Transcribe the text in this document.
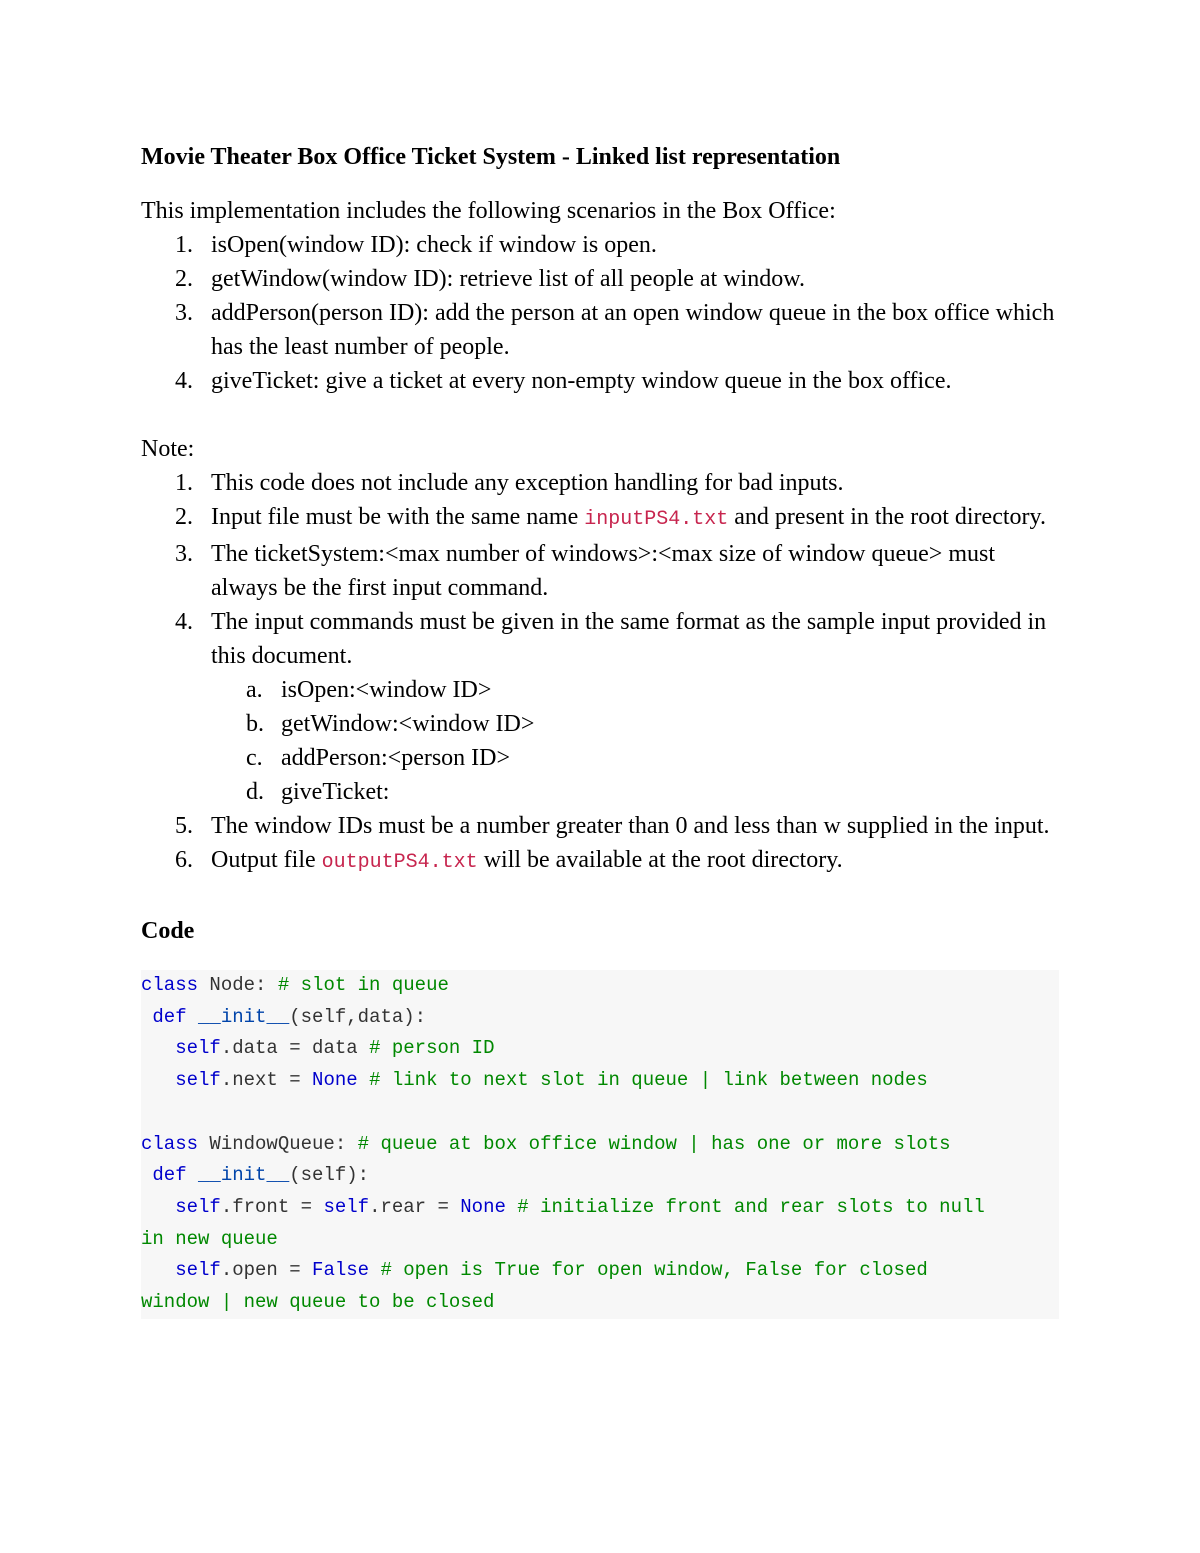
Movie Theater Box Office Ticket System - Linked list representation

This implementation includes the following scenarios in the Box Office:

1. isOpen(window ID): check if window is open.
2. getWindow(window ID): retrieve list of all people at window.
3. addPerson(person ID): add the person at an open window queue in the box office which has the least number of people.
4. giveTicket: give a ticket at every non-empty window queue in the box office.

Note:

1. This code does not include any exception handling for bad inputs.
2. Input file must be with the same name inputPS4.txt and present in the root directory.
3. The ticketSystem:<max number of windows>:<max size of window queue> must always be the first input command.
4. The input commands must be given in the same format as the sample input provided in this document.
a. isOpen:<window ID>
b. getWindow:<window ID>
c. addPerson:<person ID>
d. giveTicket:
5. The window IDs must be a number greater than 0 and less than w supplied in the input.
6. Output file outputPS4.txt will be available at the root directory.
Code
class Node: # slot in queue
def __init__(self,data):
self.data = data # person ID
self.next = None # link to next slot in queue | link between nodes

class WindowQueue: # queue at box office window | has one or more slots
def __init__(self):
self.front = self.rear = None # initialize front and rear slots to null
in new queue
self.open = False # open is True for open window, False for closed
window | new queue to be closed
